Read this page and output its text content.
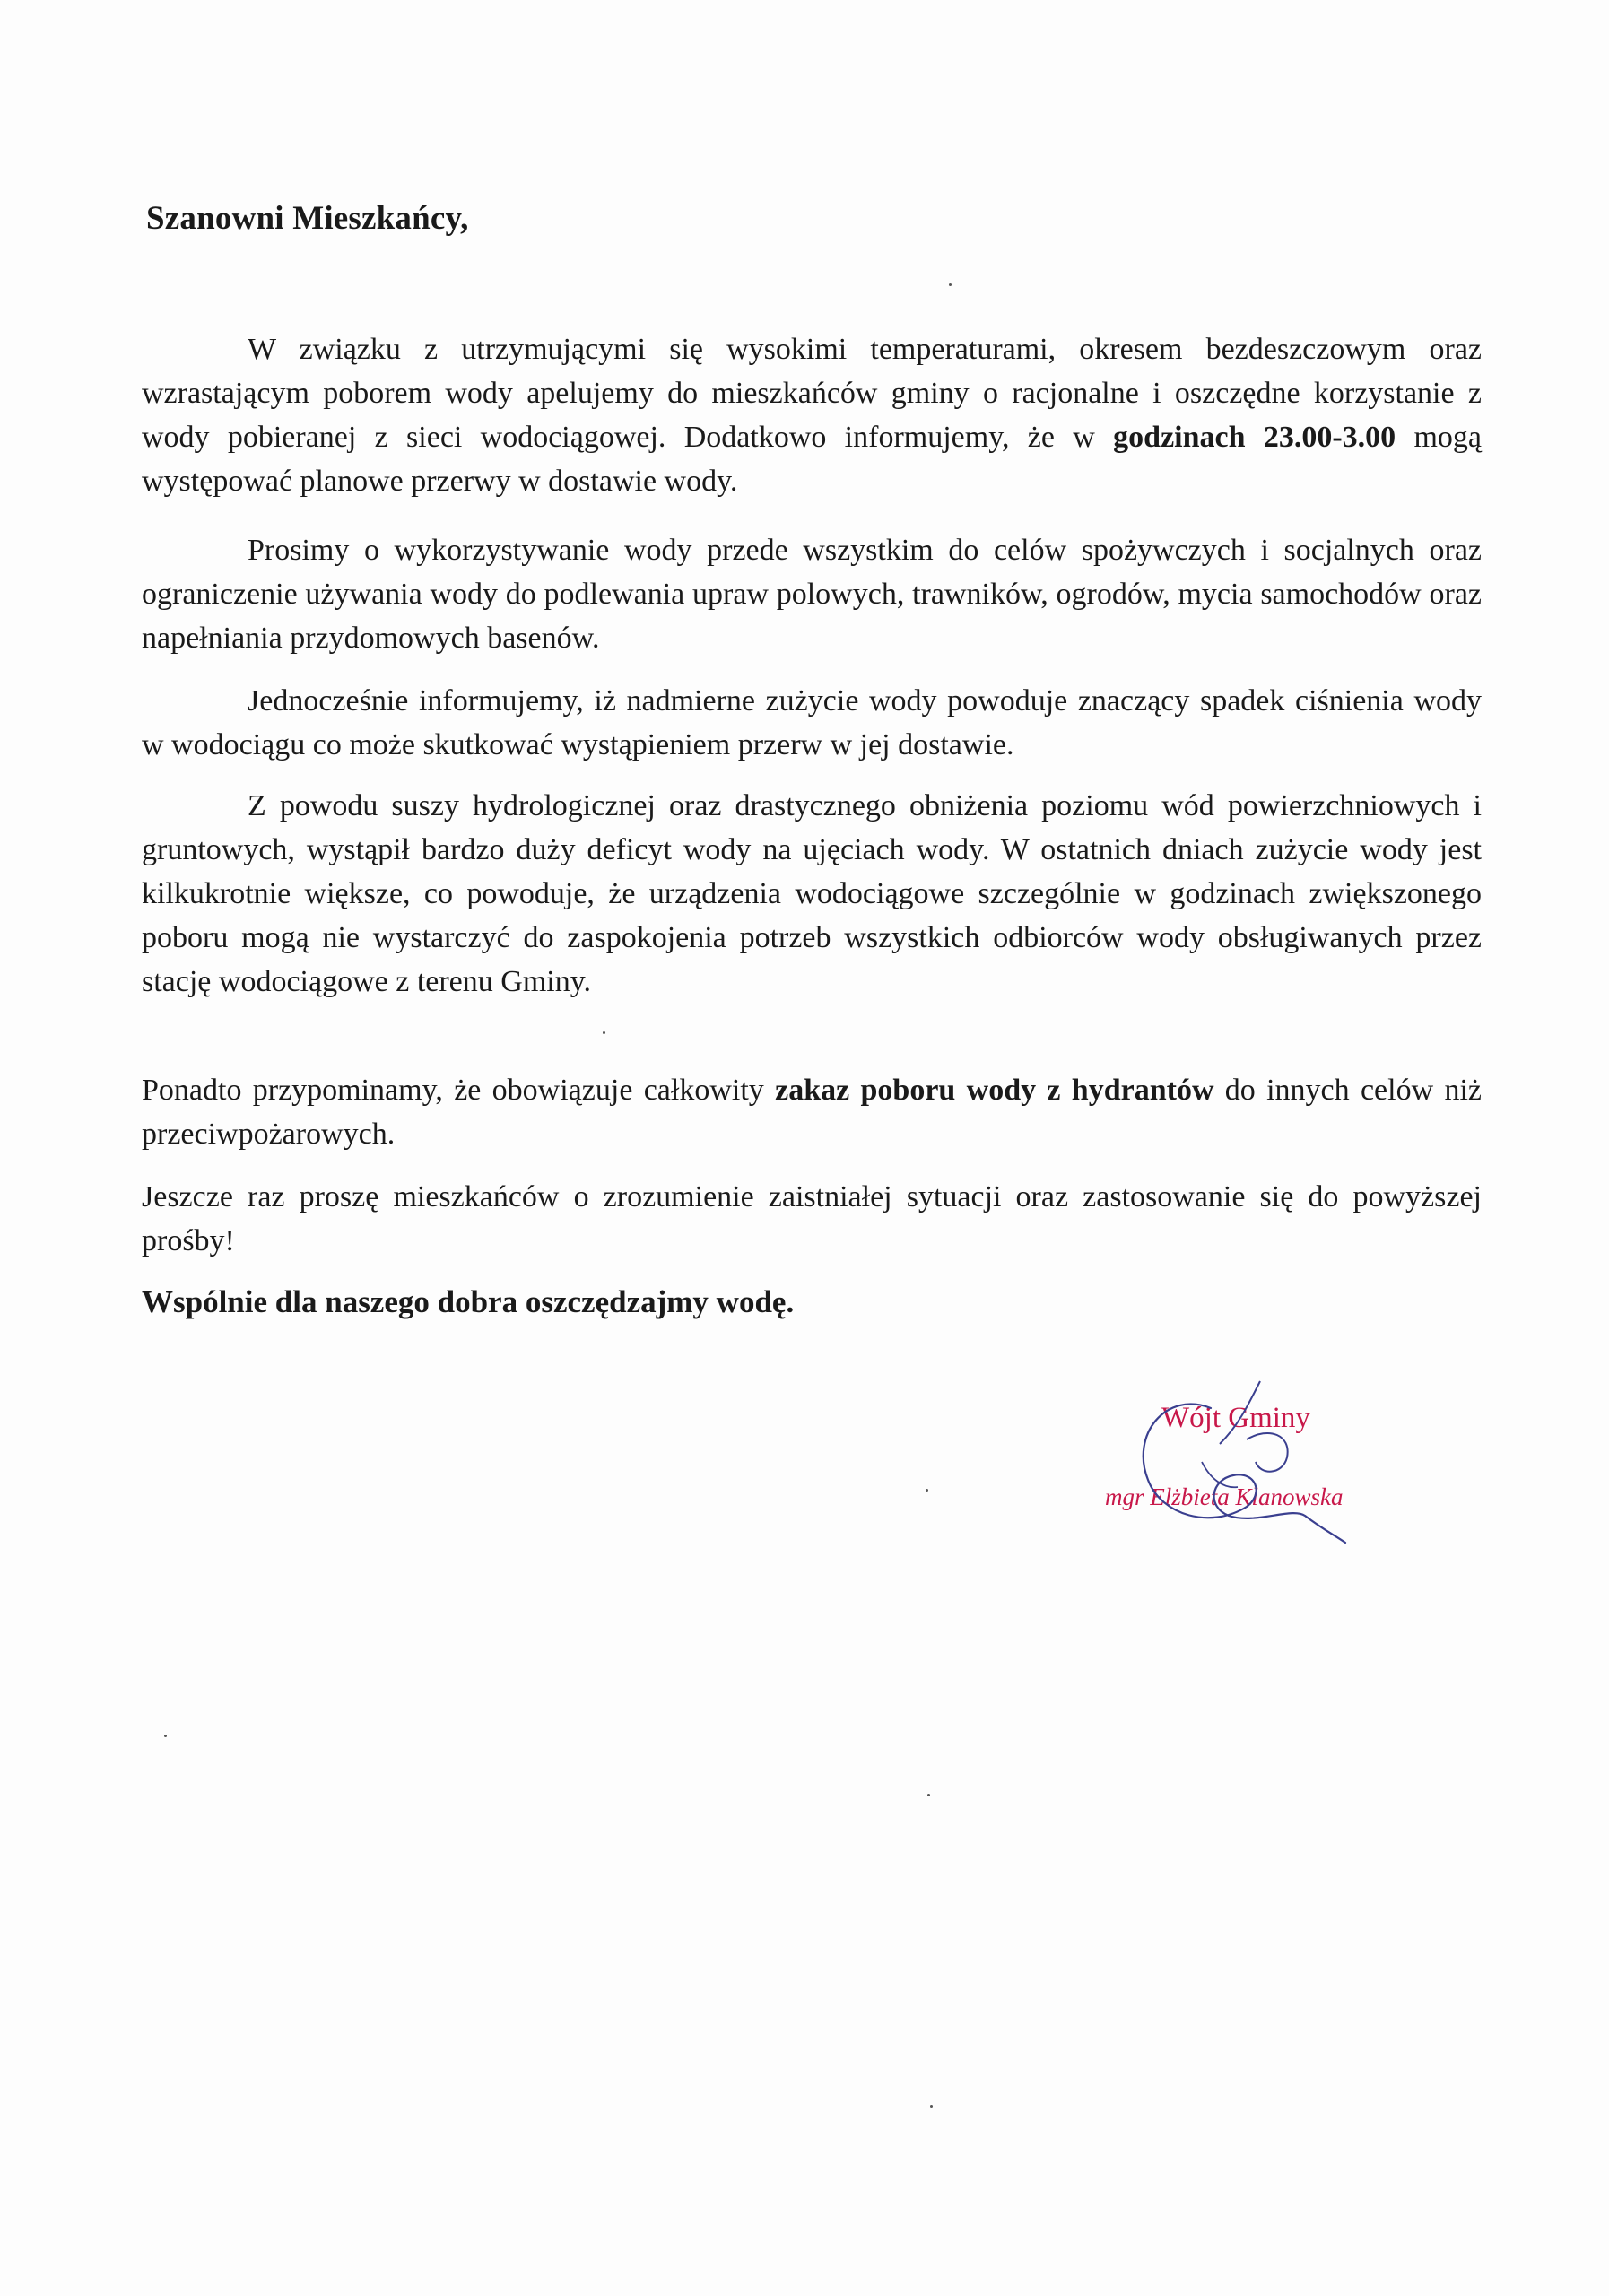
Szanowni Mieszkańcy,

W związku z utrzymującymi się wysokimi temperaturami, okresem bezdeszczowym oraz wzrastającym poborem wody apelujemy do mieszkańców gminy o racjonalne i oszczędne korzystanie z wody pobieranej z sieci wodociągowej. Dodatkowo informujemy, że w godzinach 23.00-3.00 mogą występować planowe przerwy w dostawie wody.

Prosimy o wykorzystywanie wody przede wszystkim do celów spożywczych i socjalnych oraz ograniczenie używania wody do podlewania upraw polowych, trawników, ogrodów, mycia samochodów oraz napełniania przydomowych basenów.

Jednocześnie informujemy, iż nadmierne zużycie wody powoduje znaczący spadek ciśnienia wody w wodociągu co może skutkować wystąpieniem przerw w jej dostawie.

Z powodu suszy hydrologicznej oraz drastycznego obniżenia poziomu wód powierzchniowych i gruntowych, wystąpił bardzo duży deficyt wody na ujęciach wody. W ostatnich dniach zużycie wody jest kilkukrotnie większe, co powoduje, że urządzenia wodociągowe szczególnie w godzinach zwiększonego poboru mogą nie wystarczyć do zaspokojenia potrzeb wszystkich odbiorców wody obsługiwanych przez stację wodociągowe z terenu Gminy.

Ponadto przypominamy, że obowiązuje całkowity zakaz poboru wody z hydrantów do innych celów niż przeciwpożarowych.

Jeszcze raz proszę mieszkańców o zrozumienie zaistniałej sytuacji oraz zastosowanie się do powyższej prośby!

Wspólnie dla naszego dobra oszczędzajmy wodę.
Wójt Gminy
mgr Elżbieta Klanowska
